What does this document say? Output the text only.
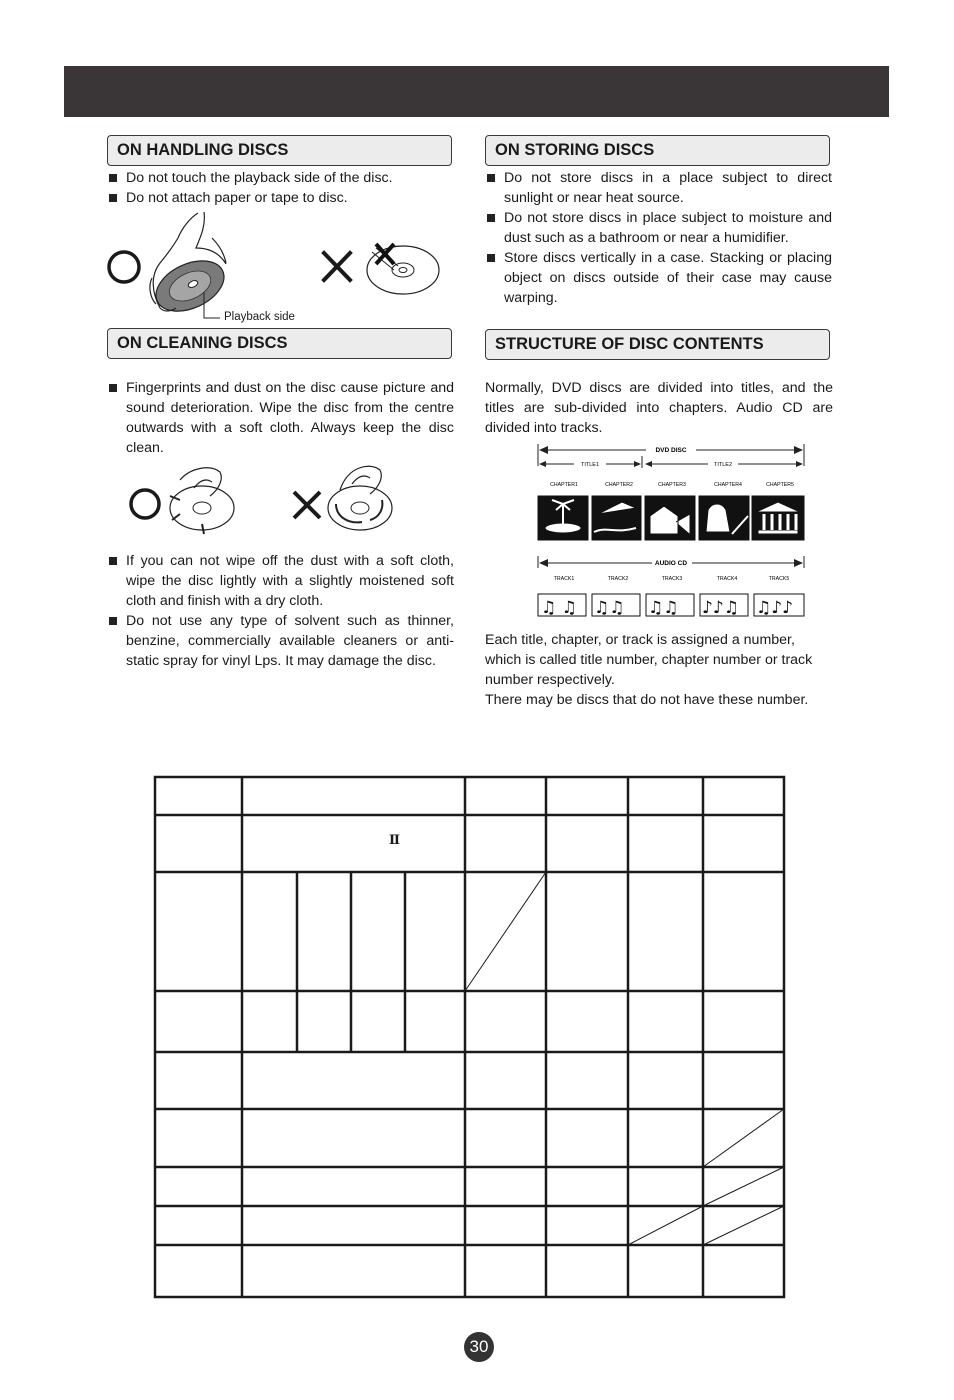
ON HANDLING DISCS
Do not touch the playback side of the disc.
Do not attach paper or tape to disc.
Playback side
ON STORING DISCS
Do not store discs in a place subject to direct sunlight or near heat source.
Do not store discs in place subject to moisture and dust such as a bathroom or near a humidifier.
Store discs vertically in a case. Stacking or placing object on discs outside of their case may cause warping.
ON CLEANING DISCS
Fingerprints and dust on the disc cause picture and sound deterioration. Wipe the disc from the centre outwards with a soft cloth. Always keep the disc clean.
If you can not wipe off the dust with a soft cloth, wipe the disc lightly with a slightly moistened soft cloth and finish with a dry cloth.
Do not use any type of solvent such as thinner, benzine, commercially available cleaners or anti-static spray for vinyl Lps. It may damage the disc.
STRUCTURE OF DISC CONTENTS
Normally, DVD discs are divided into titles, and the titles are sub-divided into chapters. Audio CD are divided into tracks.
DVD DISC
TITLE1	TITLE2
CHAPTER1	CHAPTER2	CHAPTER3	CHAPTER4	CHAPTER5
AUDIO CD
TRACK1	TRACK2	TRACK3	TRACK4	TRACK5
♫ ♫ ♫♫ ♫♫ ♪♪♫ ♫♪♪
Each title, chapter, or track is assigned a number, which is called title number, chapter number or track number respectively.
There may be discs that do not have these number.
Ⅱ
30
